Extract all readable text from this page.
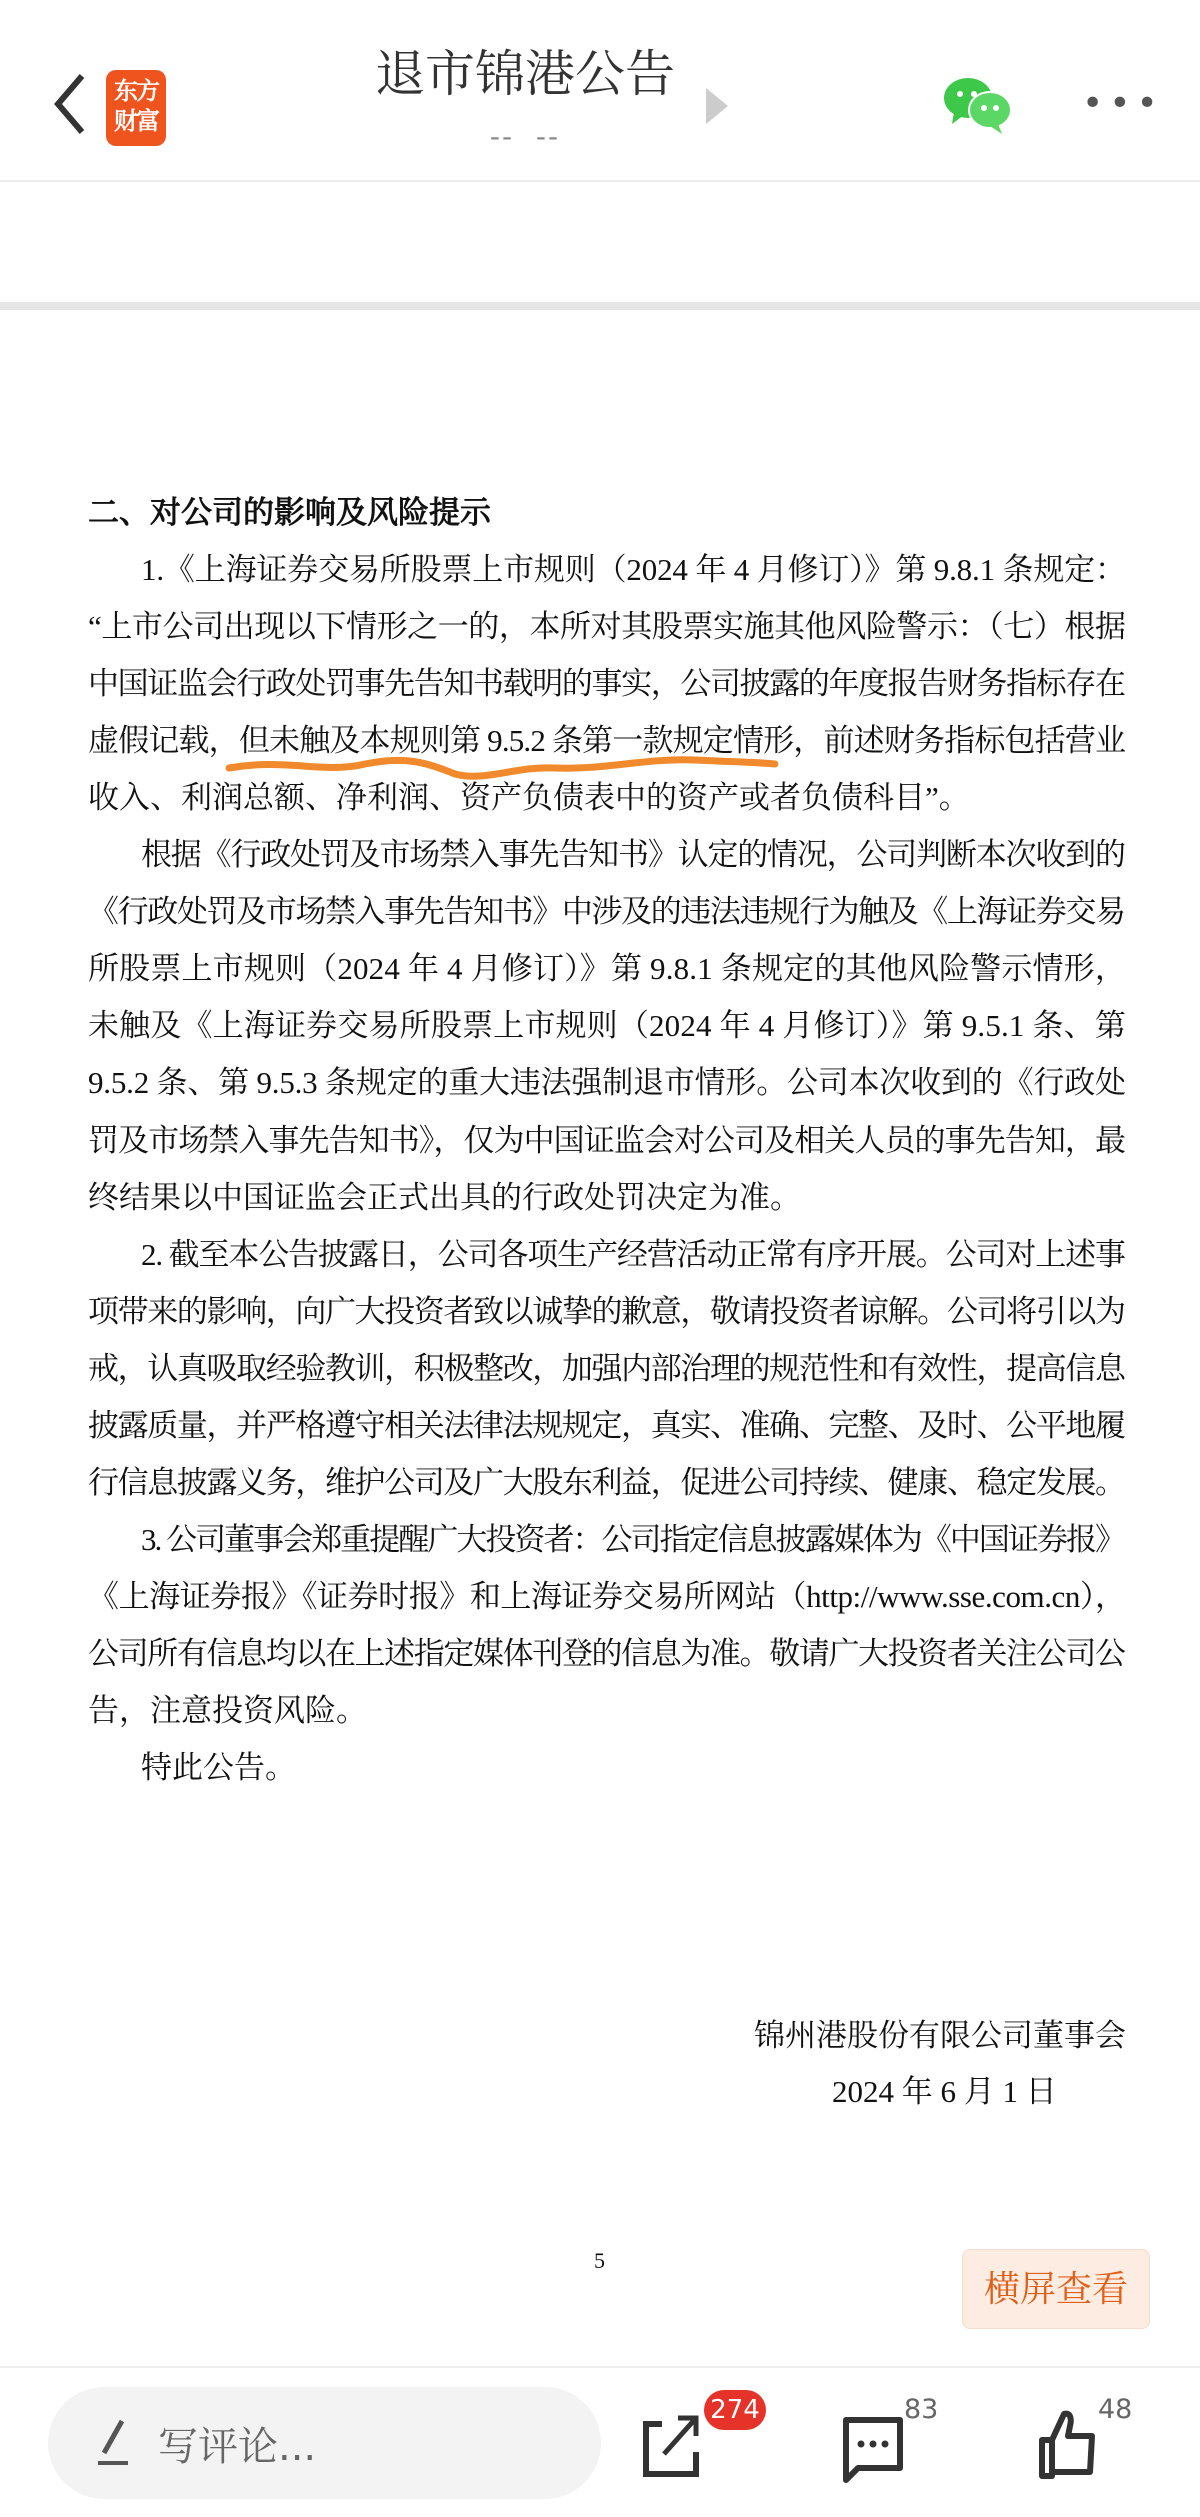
东方
财富
退市锦港公告
--  --
•••
二、对公司的影响及风险提示
1.《上海证券交易所股票上市规则（2024 年 4 月修订）》第 9.8.1 条规定：
“上市公司出现以下情形之一的，本所对其股票实施其他风险警示：（七）根据
中国证监会行政处罚事先告知书载明的事实，公司披露的年度报告财务指标存在
虚假记载，但未触及本规则第 9.5.2 条第一款规定情形，前述财务指标包括营业
收入、利润总额、净利润、资产负债表中的资产或者负债科目”。
根据《行政处罚及市场禁入事先告知书》认定的情况，公司判断本次收到的
《行政处罚及市场禁入事先告知书》中涉及的违法违规行为触及《上海证券交易
所股票上市规则（2024 年 4 月修订）》第 9.8.1 条规定的其他风险警示情形，
未触及《上海证券交易所股票上市规则（2024 年 4 月修订）》第 9.5.1 条、第
9.5.2 条、第 9.5.3 条规定的重大违法强制退市情形。公司本次收到的《行政处
罚及市场禁入事先告知书》，仅为中国证监会对公司及相关人员的事先告知，最
终结果以中国证监会正式出具的行政处罚决定为准。
2. 截至本公告披露日，公司各项生产经营活动正常有序开展。公司对上述事
项带来的影响，向广大投资者致以诚挚的歉意，敬请投资者谅解。公司将引以为
戒，认真吸取经验教训，积极整改，加强内部治理的规范性和有效性，提高信息
披露质量，并严格遵守相关法律法规规定，真实、准确、完整、及时、公平地履
行信息披露义务，维护公司及广大股东利益，促进公司持续、健康、稳定发展。
3. 公司董事会郑重提醒广大投资者：公司指定信息披露媒体为《中国证券报》
《上海证券报》《证券时报》和上海证券交易所网站（http://www.sse.com.cn），
公司所有信息均以在上述指定媒体刊登的信息为准。敬请广大投资者关注公司公
告，注意投资风险。
特此公告。
锦州港股份有限公司董事会
2024 年 6 月 1 日
5
横屏查看
写评论...
274	83	48
